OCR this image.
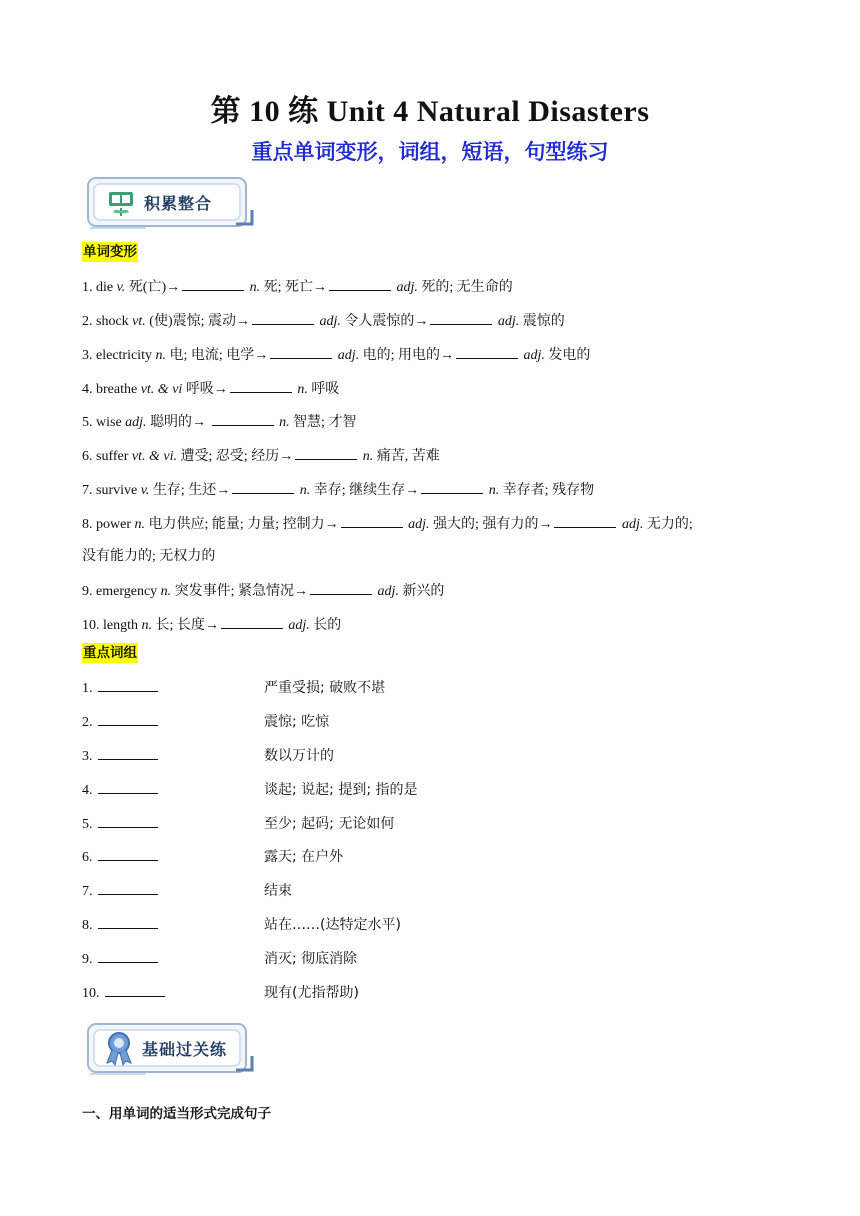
第 10 练 Unit 4 Natural Disasters
重点单词变形，词组，短语，句型练习
积累整合
单词变形
1. die v. 死(亡)→	n. 死; 死亡→	adj. 死的; 无生命的
2. shock vt. (使)震惊; 震动→	adj. 令人震惊的→	adj. 震惊的
3. electricity n. 电; 电流; 电学→	adj. 电的; 用电的→	adj. 发电的
4. breathe vt. & vi 呼吸→	n. 呼吸
5. wise adj. 聪明的→	n. 智慧; 才智
6. suffer vt. & vi. 遭受; 忍受; 经历→	n. 痛苦, 苦难
7. survive v. 生存; 生还→	n. 幸存; 继续生存→	n. 幸存者; 残存物
8. power n. 电力供应; 能量; 力量; 控制力→	adj. 强大的; 强有力的→	adj. 无力的;
没有能力的; 无权力的
9. emergency n. 突发事件; 紧急情况→	adj. 新兴的
10. length n. 长; 长度→	adj. 长的
重点词组
1.	严重受损; 破败不堪
2.	震惊; 吃惊
3.	数以万计的
4.	谈起; 说起; 提到; 指的是
5.	至少; 起码; 无论如何
6.	露天; 在户外
7.	结束
8.	站在……(达特定水平)
9.	消灭; 彻底消除
10.	现有(尤指帮助)
基础过关练
一、用单词的适当形式完成句子
